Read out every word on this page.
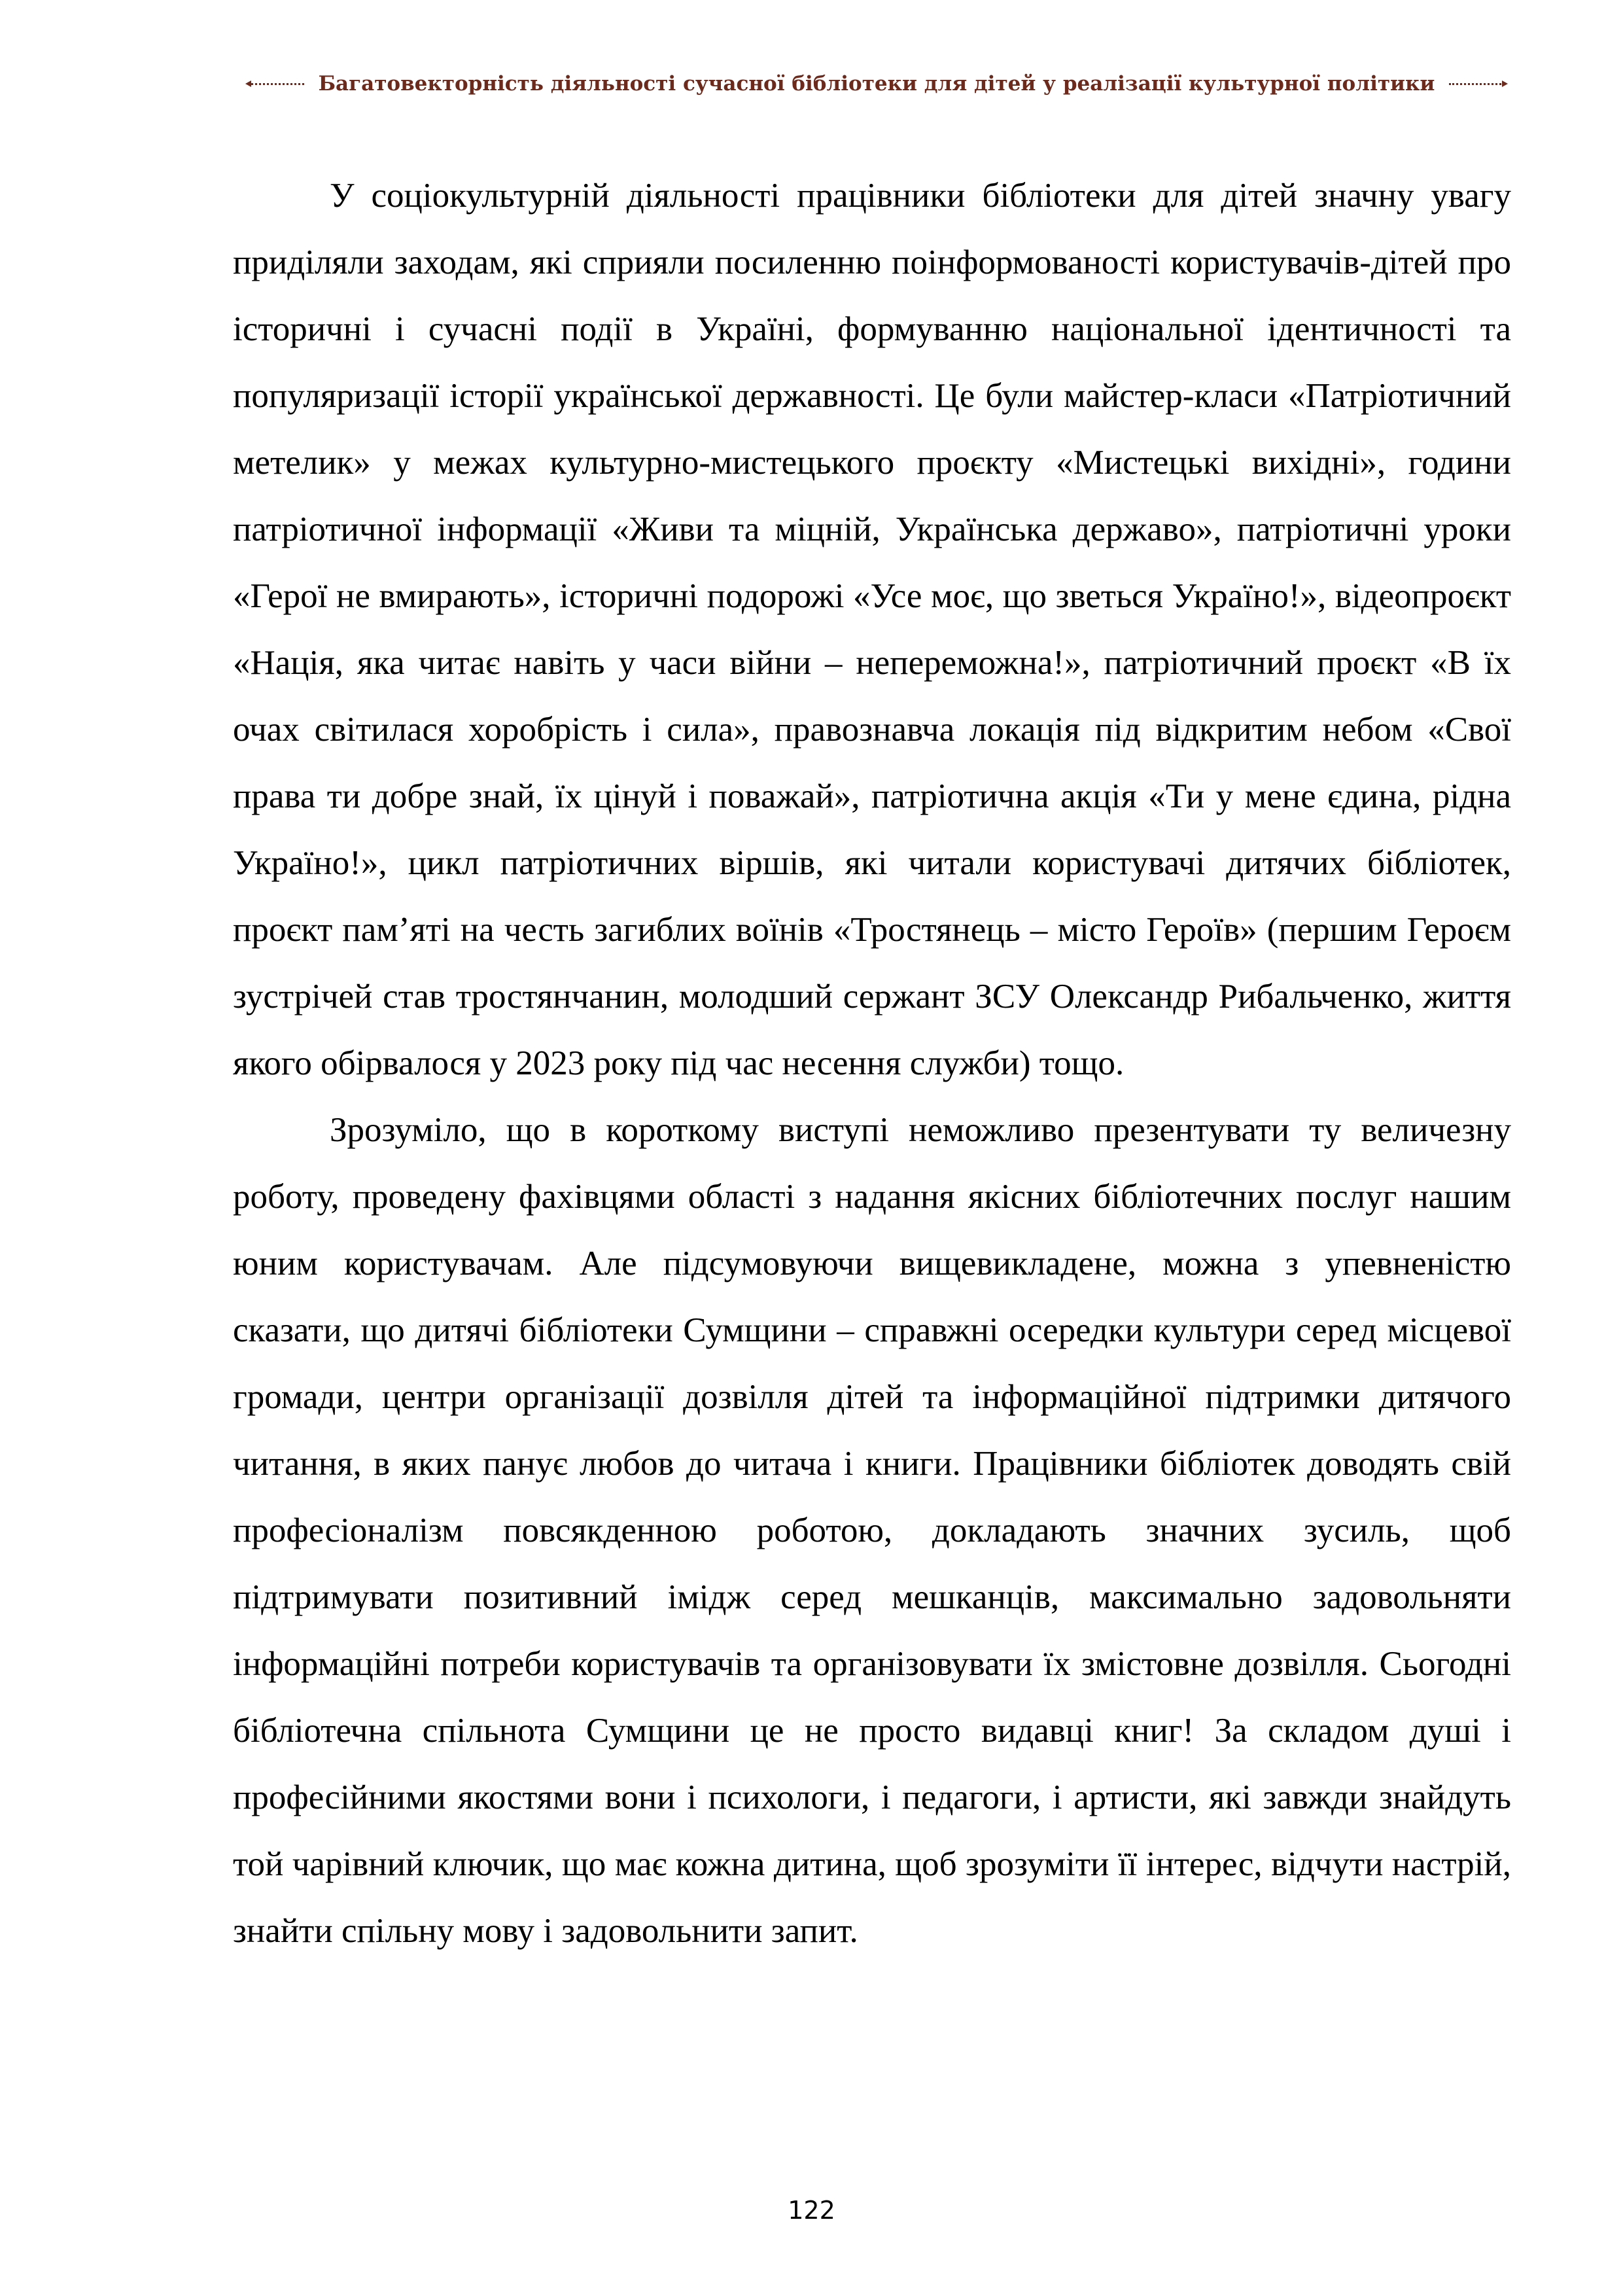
Багатовекторність діяльності сучасної бібліотеки для дітей у реалізації культурної політики

У соціокультурній діяльності працівники бібліотеки для дітей значну увагу приділяли заходам, які сприяли посиленню поінформованості користувачів-дітей про історичні і сучасні події в Україні, формуванню національної ідентичності та популяризації історії української державності. Це були майстер-класи «Патріотичний метелик» у межах культурно-мистецького проєкту «Мистецькі вихідні», години патріотичної інформації «Живи та міцній, Українська державо», патріотичні уроки «Герої не вмирають», історичні подорожі «Усе моє, що зветься Україно!», відеопроєкт «Нація, яка читає навіть у часи війни – непереможна!», патріотичний проєкт «В їх очах світилася хоробрість і сила», правознавча локація під відкритим небом «Свої права ти добре знай, їх цінуй і поважай», патріотична акція «Ти у мене єдина, рідна Україно!», цикл патріотичних віршів, які читали користувачі дитячих бібліотек, проєкт пам’яті на честь загиблих воїнів «Тростянець – місто Героїв» (першим Героєм зустрічей став тростянчанин, молодший сержант ЗСУ Олександр Рибальченко, життя якого обірвалося у 2023 року під час несення служби) тощо.

Зрозуміло, що в короткому виступі неможливо презентувати ту величезну роботу, проведену фахівцями області з надання якісних бібліотечних послуг нашим юним користувачам. Але підсумовуючи вищевикладене, можна з упевненістю сказати, що дитячі бібліотеки Сумщини – справжні осередки культури серед місцевої громади, центри організації дозвілля дітей та інформаційної підтримки дитячого читання, в яких панує любов до читача і книги. Працівники бібліотек доводять свій професіоналізм повсякденною роботою, докладають значних зусиль, щоб підтримувати позитивний імідж серед мешканців, максимально задовольняти інформаційні потреби користувачів та організовувати їх змістовне дозвілля. Сьогодні бібліотечна спільнота Сумщини це не просто видавці книг! За складом душі і професійними якостями вони і психологи, і педагоги, і артисти, які завжди знайдуть той чарівний ключик, що має кожна дитина, щоб зрозуміти її інтерес, відчути настрій, знайти спільну мову і задовольнити запит.

122
